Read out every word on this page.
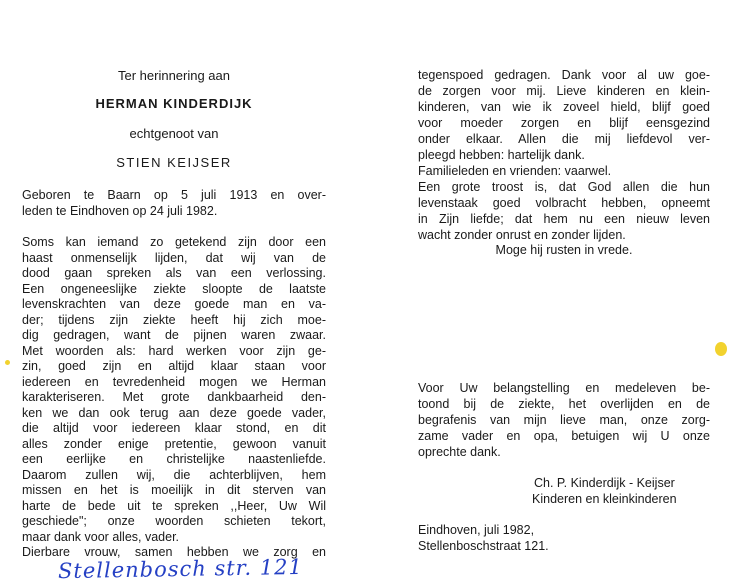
Ter herinnering aan
HERMAN KINDERDIJK
echtgenoot van
STIEN KEIJSER
Geboren te Baarn op 5 juli 1913 en over-
leden te Eindhoven op 24 juli 1982.
Soms kan iemand zo getekend zijn door een
haast onmenselijk lijden, dat wij van de
dood gaan spreken als van een verlossing.
Een ongeneeslijke ziekte sloopte de laatste
levenskrachten van deze goede man en va-
der; tijdens zijn ziekte heeft hij zich moe-
dig gedragen, want de pijnen waren zwaar.
Met woorden als: hard werken voor zijn ge-
zin, goed zijn en altijd klaar staan voor
iedereen en tevredenheid mogen we Herman
karakteriseren. Met grote dankbaarheid den-
ken we dan ook terug aan deze goede vader,
die altijd voor iedereen klaar stond, en dit
alles zonder enige pretentie, gewoon vanuit
een eerlijke en christelijke naastenliefde.
Daarom zullen wij, die achterblijven, hem
missen en het is moeilijk in dit sterven van
harte de bede uit te spreken ,,Heer, Uw Wil
geschiede"; onze woorden schieten tekort,
maar dank voor alles, vader.
tegenspoed gedragen. Dank voor al uw goe-
de zorgen voor mij. Lieve kinderen en klein-
kinderen, van wie ik zoveel hield, blijf goed
voor moeder zorgen en blijf eensgezind
onder elkaar. Allen die mij liefdevol ver-
pleegd hebben: hartelijk dank.
Familieleden en vrienden: vaarwel.
Een grote troost is, dat God allen die hun
levenstaak goed volbracht hebben, opneemt
in Zijn liefde; dat hem nu een nieuw leven
wacht zonder onrust en zonder lijden.
Moge hij rusten in vrede.
Voor Uw belangstelling en medeleven be-
toond bij de ziekte, het overlijden en de
begrafenis van mijn lieve man, onze zorg-
zame vader en opa, betuigen wij U onze
oprechte dank.
Ch. P. Kinderdijk - Keijser
Kinderen en kleinkinderen
Eindhoven, juli 1982,
Stellenboschstraat 121.
Dierbare vrouw, samen hebben we zorg en
Stellenbosch str. 121
